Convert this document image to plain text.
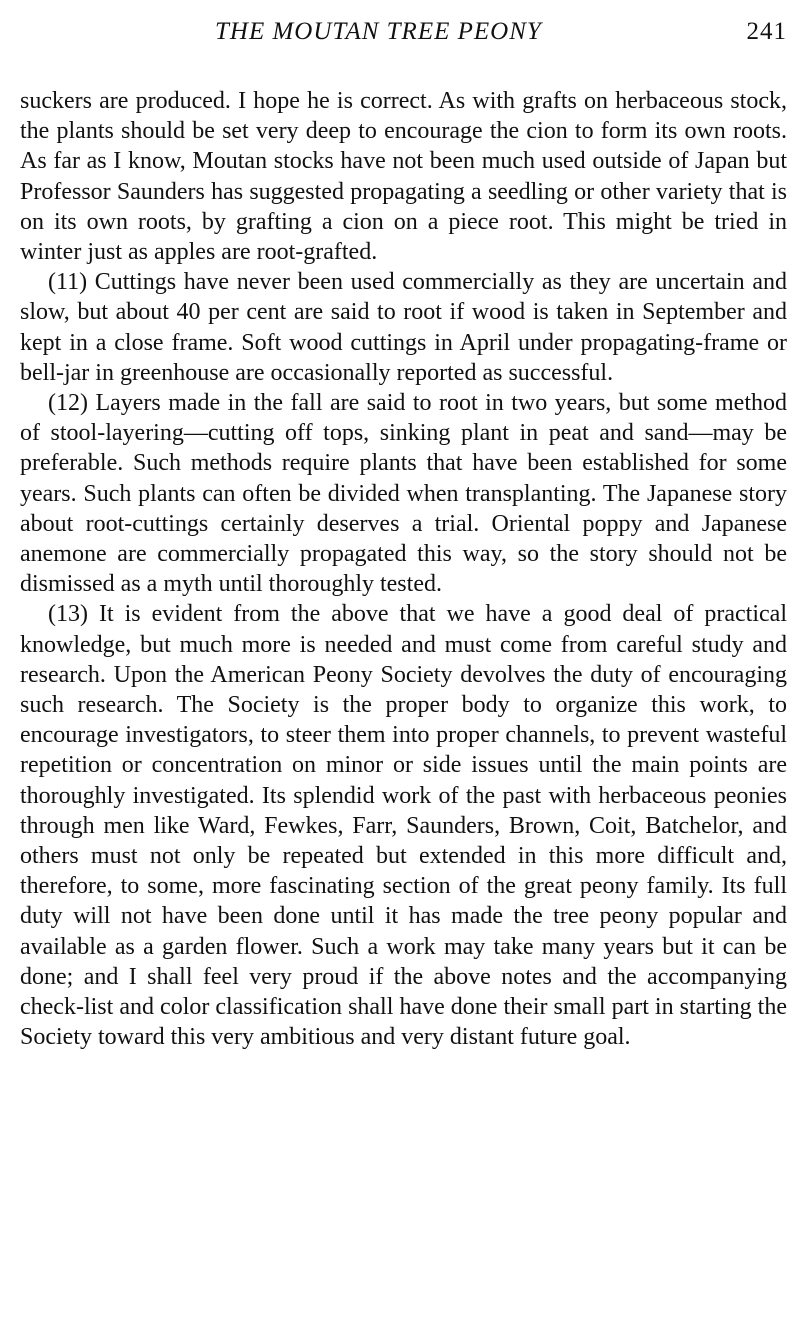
THE MOUTAN TREE PEONY	241

suckers are produced. I hope he is correct. As with grafts on herbaceous stock, the plants should be set very deep to encourage the cion to form its own roots. As far as I know, Moutan stocks have not been much used outside of Japan but Professor Saunders has suggested propagating a seedling or other variety that is on its own roots, by grafting a cion on a piece root. This might be tried in winter just as apples are root-grafted.

(11) Cuttings have never been used commercially as they are uncertain and slow, but about 40 per cent are said to root if wood is taken in September and kept in a close frame. Soft wood cuttings in April under propagating-frame or bell-jar in greenhouse are occasionally reported as successful.

(12) Layers made in the fall are said to root in two years, but some method of stool-layering—cutting off tops, sinking plant in peat and sand—may be preferable. Such methods require plants that have been established for some years. Such plants can often be divided when transplanting. The Japanese story about root-cuttings certainly deserves a trial. Oriental poppy and Japanese anemone are commercially propagated this way, so the story should not be dismissed as a myth until thoroughly tested.

(13) It is evident from the above that we have a good deal of practical knowledge, but much more is needed and must come from careful study and research. Upon the American Peony Society devolves the duty of encouraging such research. The Society is the proper body to organize this work, to encourage investigators, to steer them into proper channels, to prevent wasteful repetition or concentration on minor or side issues until the main points are thoroughly investigated. Its splendid work of the past with herbaceous peonies through men like Ward, Fewkes, Farr, Saunders, Brown, Coit, Batchelor, and others must not only be repeated but extended in this more difficult and, therefore, to some, more fascinating section of the great peony family. Its full duty will not have been done until it has made the tree peony popular and available as a garden flower. Such a work may take many years but it can be done; and I shall feel very proud if the above notes and the accompanying check-list and color classification shall have done their small part in starting the Society toward this very ambitious and very distant future goal.
